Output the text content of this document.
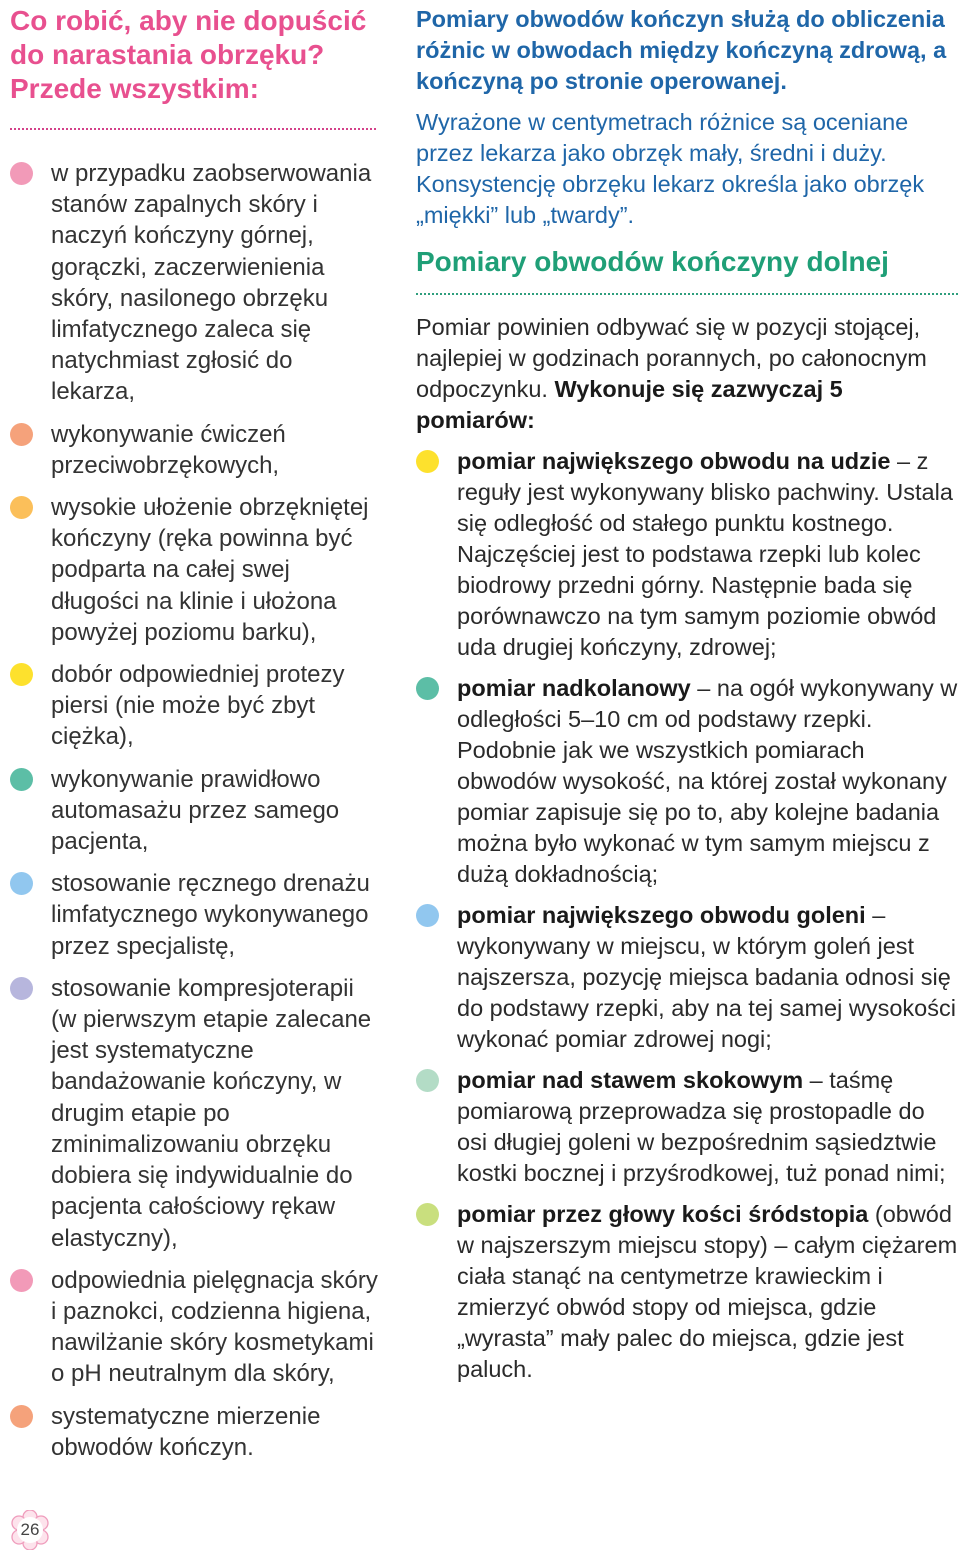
Co robić, aby nie dopuścić do narastania obrzęku? Przede wszystkim:
w przypadku zaobserwowania stanów zapalnych skóry i naczyń kończyny górnej, gorączki, zaczerwienienia skóry, nasilonego obrzęku limfatycznego zaleca się natychmiast zgłosić do lekarza,
wykonywanie ćwiczeń przeciwobrzękowych,
wysokie ułożenie obrzękniętej kończyny (ręka powinna być podparta na całej swej długości na klinie i ułożona powyżej poziomu barku),
dobór odpowiedniej protezy piersi (nie może być zbyt ciężka),
wykonywanie prawidłowo automasażu przez samego pacjenta,
stosowanie ręcznego drenażu limfatycznego wykonywanego przez specjalistę,
stosowanie kompresjoterapii (w pierwszym etapie zalecane jest systematyczne bandażowanie kończyny, w drugim etapie po zminimalizowaniu obrzęku dobiera się indywidualnie do pacjenta całościowy rękaw elastyczny),
odpowiednia pielęgnacja skóry i paznokci, codzienna higiena, nawilżanie skóry kosmetykami o pH neutralnym dla skóry,
systematyczne mierzenie obwodów kończyn.

Pomiary obwodów kończyn służą do obliczenia różnic w obwodach między kończyną zdrową, a kończyną po stronie operowanej.

Wyrażone w centymetrach różnice są oceniane przez lekarza jako obrzęk mały, średni i duży. Konsystencję obrzęku lekarz określa jako obrzęk „miękki” lub „twardy”.

Pomiary obwodów kończyny dolnej

Pomiar powinien odbywać się w pozycji stojącej, najlepiej w godzinach porannych, po całonocnym odpoczynku. Wykonuje się zazwyczaj 5 pomiarów:

pomiar największego obwodu na udzie – z reguły jest wykonywany blisko pachwiny. Ustala się odległość od stałego punktu kostnego. Najczęściej jest to podstawa rzepki lub kolec biodrowy przedni górny. Następnie bada się porównawczo na tym samym poziomie obwód uda drugiej kończyny, zdrowej;
pomiar nadkolanowy – na ogół wykonywany w odległości 5–10 cm od podstawy rzepki. Podobnie jak we wszystkich pomiarach obwodów wysokość, na której został wykonany pomiar zapisuje się po to, aby kolejne badania można było wykonać w tym samym miejscu z dużą dokładnością;
pomiar największego obwodu goleni – wykonywany w miejscu, w którym goleń jest najszersza, pozycję miejsca badania odnosi się do podstawy rzepki, aby na tej samej wysokości wykonać pomiar zdrowej nogi;
pomiar nad stawem skokowym – taśmę pomiarową przeprowadza się prostopadle do osi długiej goleni w bezpośrednim sąsiedztwie kostki bocznej i przyśrodkowej, tuż ponad nimi;
pomiar przez głowy kości śródstopia (obwód w najszerszym miejscu stopy) – całym ciężarem ciała stanąć na centymetrze krawieckim i zmierzyć obwód stopy od miejsca, gdzie „wyrasta” mały palec do miejsca, gdzie jest paluch.
26
